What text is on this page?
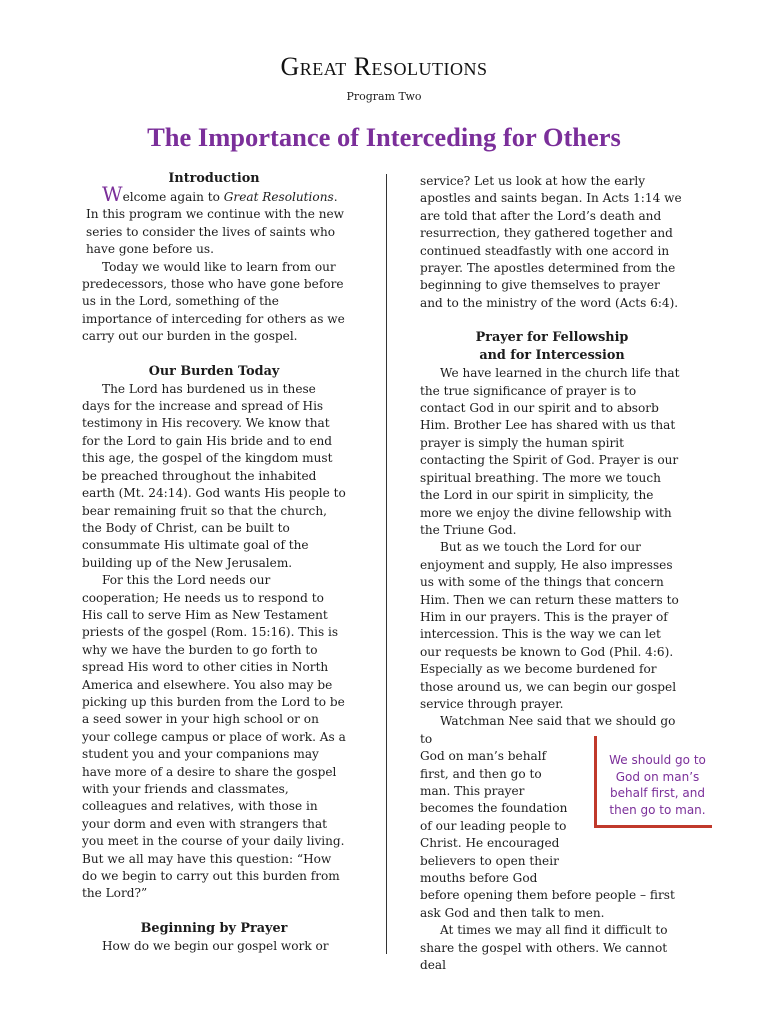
Great Resolutions
Program Two
The Importance of Interceding for Others
Introduction

Welcome again to Great Resolutions. In this program we continue with the new series to consider the lives of saints who have gone before us.

Today we would like to learn from our predecessors, those who have gone before us in the Lord, something of the importance of interceding for others as we carry out our burden in the gospel.

Our Burden Today

The Lord has burdened us in these days for the increase and spread of His testimony in His recovery. We know that for the Lord to gain His bride and to end this age, the gospel of the kingdom must be preached throughout the inhabited earth (Mt. 24:14). God wants His people to bear remaining fruit so that the church, the Body of Christ, can be built to consummate His ultimate goal of the building up of the New Jerusalem.

For this the Lord needs our cooperation; He needs us to respond to His call to serve Him as New Testament priests of the gospel (Rom. 15:16). This is why we have the burden to go forth to spread His word to other cities in North America and elsewhere. You also may be picking up this burden from the Lord to be a seed sower in your high school or on your college campus or place of work. As a student you and your companions may have more of a desire to share the gospel with your friends and classmates, colleagues and relatives, with those in your dorm and even with strangers that you meet in the course of your daily living. But we all may have this question: “How do we begin to carry out this burden from the Lord?”

Beginning by Prayer

How do we begin our gospel work or

service? Let us look at how the early apostles and saints began. In Acts 1:14 we are told that after the Lord’s death and resurrection, they gathered together and continued steadfastly with one accord in prayer. The apostles determined from the beginning to give themselves to prayer and to the ministry of the word (Acts 6:4).

Prayer for Fellowship
and for Intercession

We have learned in the church life that the true significance of prayer is to contact God in our spirit and to absorb Him. Brother Lee has shared with us that prayer is simply the human spirit contacting the Spirit of God. Prayer is our spiritual breathing. The more we touch the Lord in our spirit in simplicity, the more we enjoy the divine fellowship with the Triune God.

But as we touch the Lord for our enjoyment and supply, He also impresses us with some of the things that concern Him. Then we can return these matters to Him in our prayers. This is the prayer of intercession. This is the way we can let our requests be known to God (Phil. 4:6). Especially as we become burdened for those around us, we can begin our gospel service through prayer.

Watchman Nee said that we should go to
God on man’s behalf
first, and then go to
man. This prayer
becomes the foundation
of our leading people to
Christ. He encouraged
believers to open their
mouths before God
before opening them before people – first ask God and then talk to men.

At times we may all find it difficult to share the gospel with others. We cannot deal

We should go to God on man’s behalf first, and then go to man.
